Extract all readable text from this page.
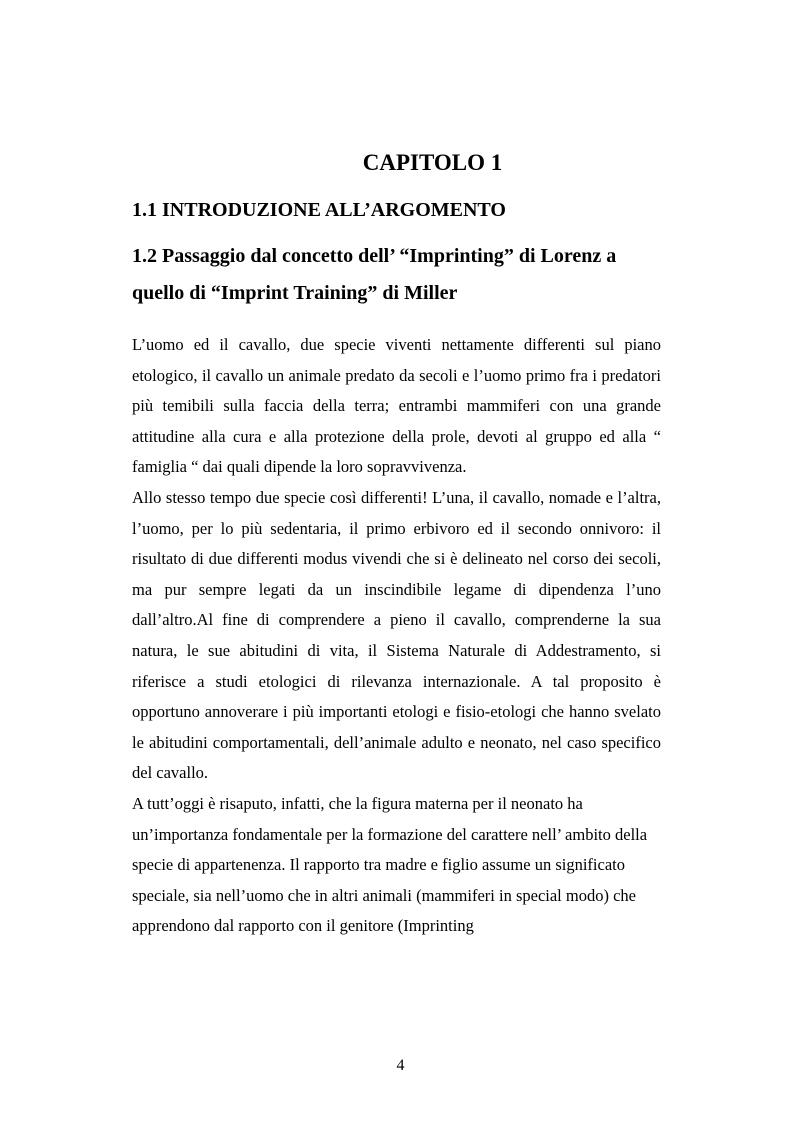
CAPITOLO 1
1.1 INTRODUZIONE ALL’ARGOMENTO
1.2 Passaggio dal concetto dell’ “Imprinting” di Lorenz a quello di “Imprint Training” di Miller

L’uomo ed il cavallo, due specie viventi nettamente differenti sul piano etologico, il cavallo un animale predato da secoli e l’uomo primo fra i predatori più temibili sulla faccia della terra; entrambi mammiferi con una grande attitudine alla cura e alla protezione della prole, devoti al gruppo ed alla “ famiglia “ dai quali dipende la loro sopravvivenza.

Allo stesso tempo due specie così differenti! L’una, il cavallo, nomade e l’altra, l’uomo, per lo più sedentaria, il primo erbivoro ed il secondo onnivoro: il risultato di due differenti modus vivendi che si è delineato nel corso dei secoli, ma pur sempre legati da un inscindibile legame di dipendenza l’uno dall’altro.Al fine di comprendere a pieno il cavallo, comprenderne la sua natura, le sue abitudini di vita, il Sistema Naturale di Addestramento, si riferisce a studi etologici di rilevanza internazionale. A tal proposito è opportuno annoverare i più importanti etologi e fisio-etologi che hanno svelato le abitudini comportamentali, dell’animale adulto e neonato, nel caso specifico del cavallo.

A tutt’oggi è risaputo, infatti, che la figura materna per il neonato ha un’importanza fondamentale per la formazione del carattere nell’ ambito della specie di appartenenza. Il rapporto tra madre e figlio assume un significato speciale, sia nell’uomo che in altri animali (mammiferi in special modo) che apprendono dal rapporto con il genitore (Imprinting

4
